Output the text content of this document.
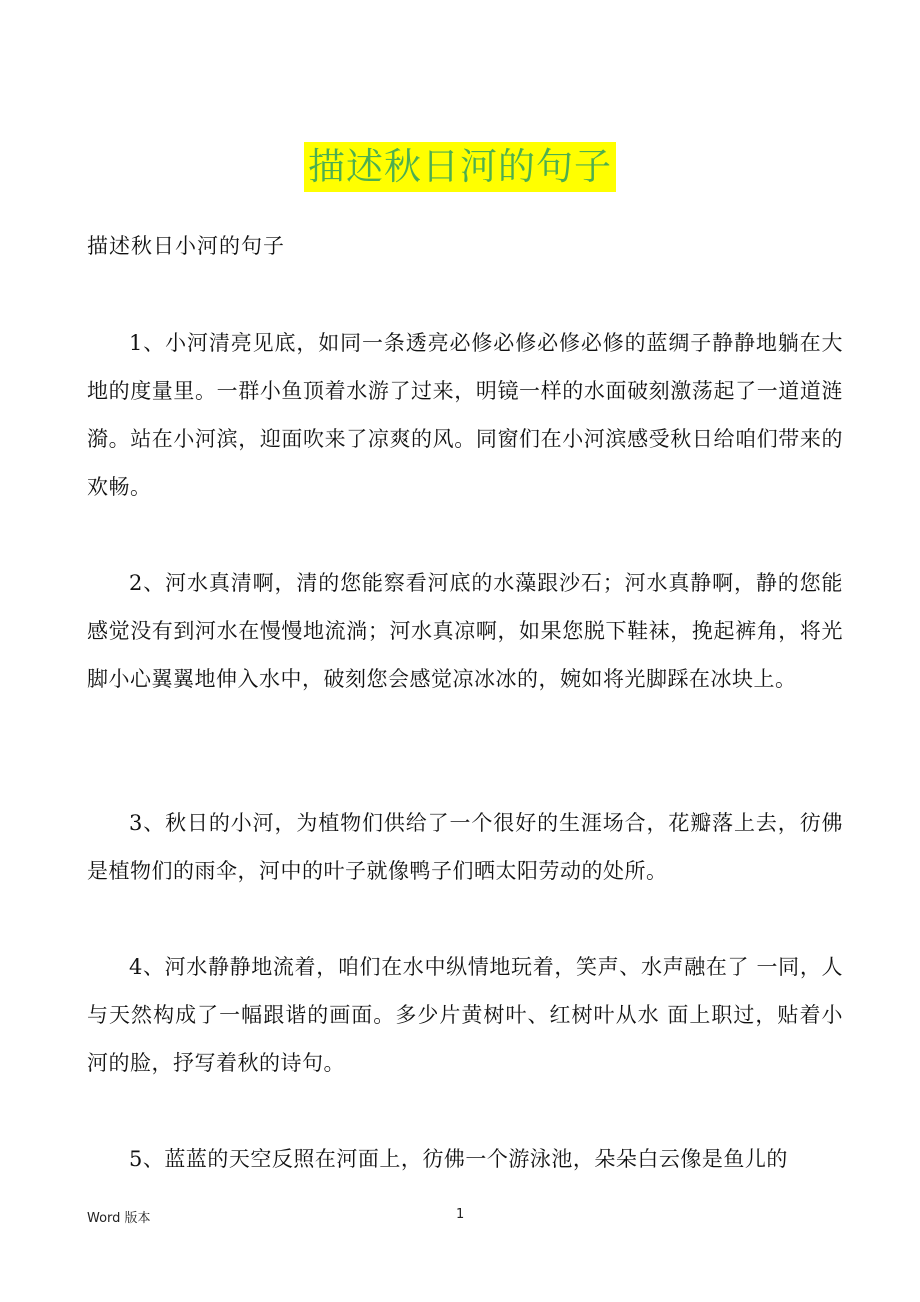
描述秋日河的句子
描述秋日小河的句子
1、小河清亮见底，如同一条透亮必修必修必修必修的蓝绸子静静地躺在大地的度量里。一群小鱼顶着水游了过来，明镜一样的水面破刻激荡起了一道道涟漪。站在小河滨，迎面吹来了凉爽的风。同窗们在小河滨感受秋日给咱们带来的欢畅。
2、河水真清啊，清的您能察看河底的水藻跟沙石；河水真静啊，静的您能感觉没有到河水在慢慢地流淌；河水真凉啊，如果您脱下鞋袜，挽起裤角，将光脚小心翼翼地伸入水中，破刻您会感觉凉冰冰的，婉如将光脚踩在冰块上。
3、秋日的小河，为植物们供给了一个很好的生涯场合，花瓣落上去，彷佛是植物们的雨伞，河中的叶子就像鸭子们晒太阳劳动的处所。
4、河水静静地流着，咱们在水中纵情地玩着，笑声、水声融在了 一同，人与天然构成了一幅跟谐的画面。多少片黄树叶、红树叶从水 面上职过，贴着小河的脸，抒写着秋的诗句。
5、蓝蓝的天空反照在河面上，彷佛一个游泳池，朵朵白云像是鱼儿的
Word 版本	1
